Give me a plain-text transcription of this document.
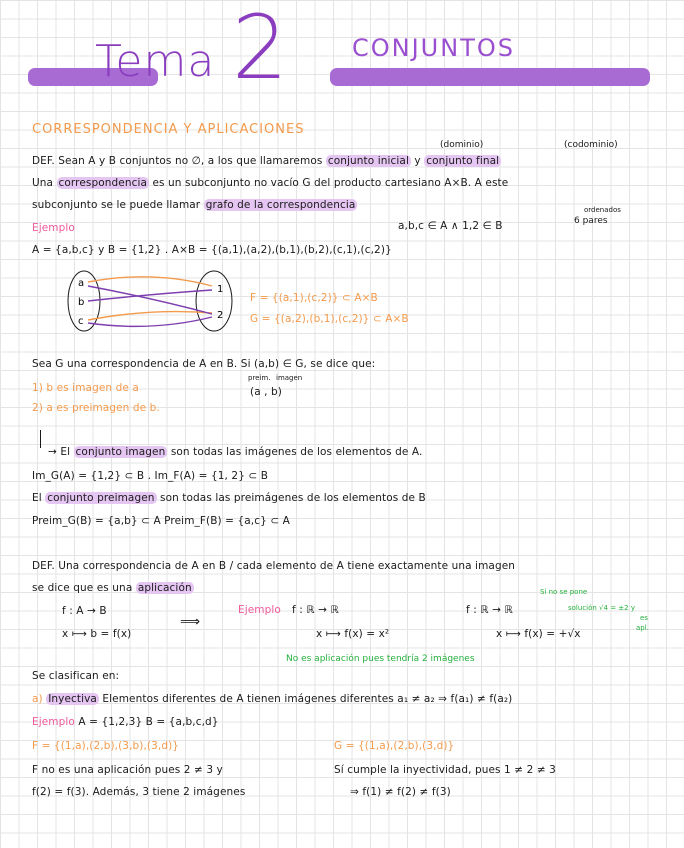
Tema 2	CONJUNTOS
CORRESPONDENCIA Y APLICACIONES
(dominio)	(codominio)
DEF. Sean A y B conjuntos no ∅, a los que llamaremos conjunto inicial y conjunto final
Una correspondencia es un subconjunto no vacío G del producto cartesiano A×B. A este
subconjunto se le puede llamar grafo de la correspondencia
Ejemplo	a,b,c ∈ A ∧ 1,2 ∈ B
ordenados
6 pares
A = {a,b,c} y B = {1,2} . A×B = {(a,1),(a,2),(b,1),(b,2),(c,1),(c,2)}
a
b
c
1
2
F = {(a,1),(c,2)} ⊂ A×B
G = {(a,2),(b,1),(c,2)} ⊂ A×B
Sea G una correspondencia de A en B. Si (a,b) ∈ G, se dice que:
preim. imagen
1) b es imagen de a	(a , b)
2) a es preimagen de b.
→ El conjunto imagen son todas las imágenes de los elementos de A.
Im_G(A) = {1,2} ⊂ B . Im_F(A) = {1, 2} ⊂ B
El conjunto preimagen son todas las preimágenes de los elementos de B
Preim_G(B) = {a,b} ⊂ A Preim_F(B) = {a,c} ⊂ A
DEF. Una correspondencia de A en B / cada elemento de A tiene exactamente una imagen
se dice que es una aplicación
f : A → B
x ⟼ b = f(x)
⟹
Ejemplo f : ℝ → ℝ
x ⟼ f(x) = x²
f : ℝ → ℝ
x ⟼ f(x) = +√x
Si no se pone
solución √4 = ±2 y
es
apl.
No es aplicación pues tendría 2 imágenes
Se clasifican en:
a) Inyectiva Elementos diferentes de A tienen imágenes diferentes a₁ ≠ a₂ ⇒ f(a₁) ≠ f(a₂)
Ejemplo A = {1,2,3} B = {a,b,c,d}
F = {(1,a),(2,b),(3,b),(3,d)}	G = {(1,a),(2,b),(3,d)}
F no es una aplicación pues 2 ≠ 3 y	Sí cumple la inyectividad, pues 1 ≠ 2 ≠ 3
f(2) = f(3). Además, 3 tiene 2 imágenes	⇒ f(1) ≠ f(2) ≠ f(3)
